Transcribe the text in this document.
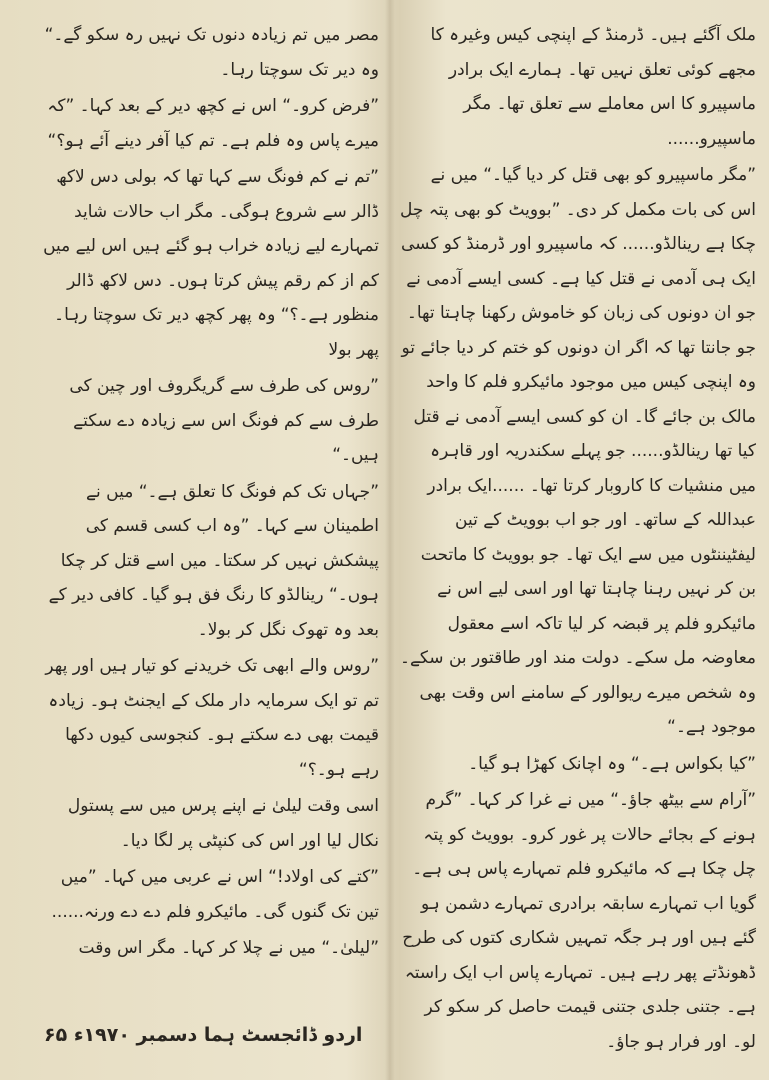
ملک آگئے ہیں۔ ڈرمنڈ کے اپنچی کیس وغیرہ کا مجھے کوئی تعلق نہیں تھا۔ ہمارے ایک برادر ماسپیرو کا اس معاملے سے تعلق تھا۔ مگر ماسپیرو......

”مگر ماسپیرو کو بھی قتل کر دیا گیا۔“ میں نے اس کی بات مکمل کر دی۔ ”بوویٹ کو بھی پتہ چل چکا ہے رینالڈو...... کہ ماسپیرو اور ڈرمنڈ کو کسی ایک ہی آدمی نے قتل کیا ہے۔ کسی ایسے آدمی نے جو ان دونوں کی زبان کو خاموش رکھنا چاہتا تھا۔ جو جانتا تھا کہ اگر ان دونوں کو ختم کر دیا جائے تو وہ اپنچی کیس میں موجود مائیکرو فلم کا واحد مالک بن جائے گا۔ ان کو کسی ایسے آدمی نے قتل کیا تھا رینالڈو...... جو پہلے سکندریہ اور قاہرہ میں منشیات کا کاروبار کرتا تھا۔ ......ایک برادر عبداللہ کے ساتھ۔ اور جو اب بوویٹ کے تین لیفٹیننٹوں میں سے ایک تھا۔ جو بوویٹ کا ماتحت بن کر نہیں رہنا چاہتا تھا اور اسی لیے اس نے مائیکرو فلم پر قبضہ کر لیا تاکہ اسے معقول معاوضہ مل سکے۔ دولت مند اور طاقتور بن سکے۔ وہ شخص میرے ریوالور کے سامنے اس وقت بھی موجود ہے۔“

”کیا بکواس ہے۔“ وہ اچانک کھڑا ہو گیا۔

”آرام سے بیٹھ جاؤ۔“ میں نے غرا کر کہا۔ ”گرم ہونے کے بجائے حالات پر غور کرو۔ بوویٹ کو پتہ چل چکا ہے کہ مائیکرو فلم تمہارے پاس ہی ہے۔ گویا اب تمہارے سابقہ برادری تمہارے دشمن ہو گئے ہیں اور ہر جگہ تمہیں شکاری کتوں کی طرح ڈھونڈتے پھر رہے ہیں۔ تمہارے پاس اب ایک راستہ ہے۔ جتنی جلدی جتنی قیمت حاصل کر سکو کر لو۔ اور فرار ہو جاؤ۔

مصر میں تم زیادہ دنوں تک نہیں رہ سکو گے۔“ وہ دیر تک سوچتا رہا۔

”فرض کرو۔“ اس نے کچھ دیر کے بعد کہا۔ ”کہ میرے پاس وہ فلم ہے۔ تم کیا آفر دینے آئے ہو؟“

”تم نے کم فونگ سے کہا تھا کہ بولی دس لاکھ ڈالر سے شروع ہوگی۔ مگر اب حالات شاید تمہارے لیے زیادہ خراب ہو گئے ہیں اس لیے میں کم از کم رقم پیش کرتا ہوں۔ دس لاکھ ڈالر منظور ہے۔؟“ وہ پھر کچھ دیر تک سوچتا رہا۔ پھر بولا

”روس کی طرف سے گریگروف اور چین کی طرف سے کم فونگ اس سے زیادہ دے سکتے ہیں۔“

”جہاں تک کم فونگ کا تعلق ہے۔“ میں نے اطمینان سے کہا۔ ”وہ اب کسی قسم کی پیشکش نہیں کر سکتا۔ میں اسے قتل کر چکا ہوں۔“ رینالڈو کا رنگ فق ہو گیا۔ کافی دیر کے بعد وہ تھوک نگل کر بولا۔

”روس والے ابھی تک خریدنے کو تیار ہیں اور پھر تم تو ایک سرمایہ دار ملک کے ایجنٹ ہو۔ زیادہ قیمت بھی دے سکتے ہو۔ کنجوسی کیوں دکھا رہے ہو۔؟“

اسی وقت لیلیٰ نے اپنے پرس میں سے پستول نکال لیا اور اس کی کنپٹی پر لگا دیا۔

”کتے کی اولاد!“ اس نے عربی میں کہا۔ ”میں تین تک گنوں گی۔ مائیکرو فلم دے دے ورنہ......

”لیلیٰ۔“ میں نے چلا کر کہا۔ مگر اس وقت

اردو ڈائجسٹ ہما دسمبر ۱۹۷۰ء ۶۵
